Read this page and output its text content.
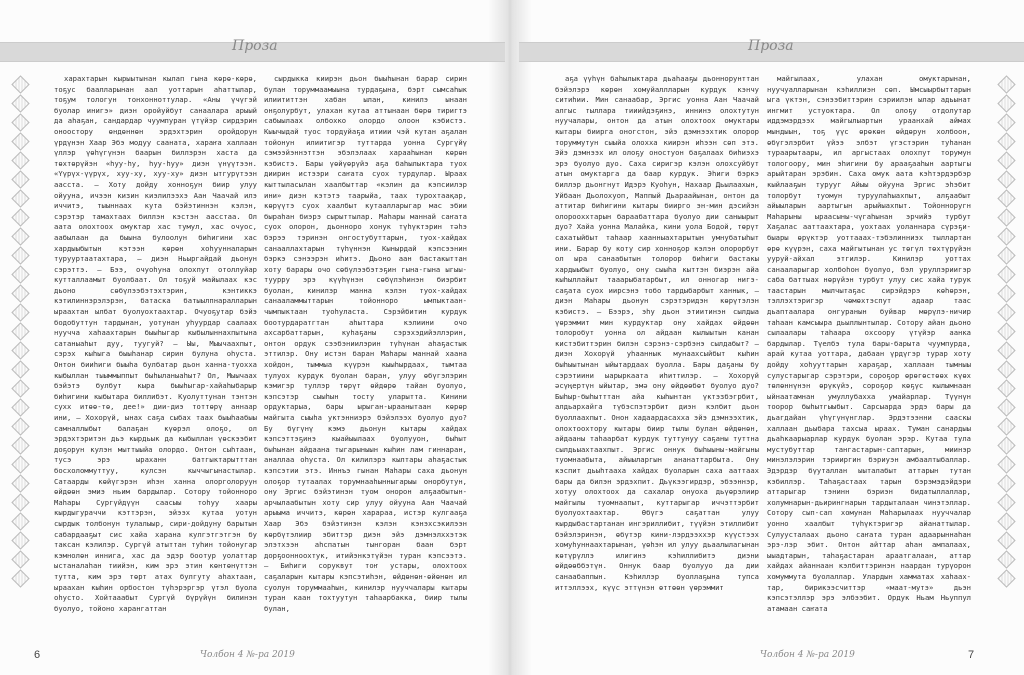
Проза	Проза

харахтарын кырыытынан кылап гына көрө-көрө, тоҕус баалларынан аал уоттарын аһаттылар, тоҕум тологун тонхонноттулар. «Аны үчүгэй буолар инигэ» диэн оройуйбут санаалара арыый да аһаҕан, сандардар чуумпуран үтүйэр сирдэрин оноостору өндөннөн эрдэхтэрин оройдорун үрдүнэн Хаар Эбэ модуу сааната, хараҥа халлаан үллэр үөһүгүнэн баарын биллэрэн хаста да төхтөрүйэн «һуу-һу, һуу-һуу» диэн үнүүтээн. «Үүрүх-үүрүх, хуу-ху, хуу-ху» диэн ытгурүтээн аасста. — Хоту дойду хонноҕун биир улуу ойууна, ичээн кизин киэлилээхэ Аан Чаачай илэ иччитэ, тыыннаах кута бэйэтиннэн кэлэн, сэрэтэр тамахтаах биллэн кэстэн аасстаа. Ол аата олохтоох омуктар хас тумул, хас очуос, аабылаан да быына булоолун биһигини хас хардыыбытын кэтээн көрөн хоһуунналарын турууртаатахтара, — диэн Ньыргайдай дьонун сэрэттэ. — Бээ, очуоһуна олохпут отоллуйар кутталлаамыт буолбаат. Ол тоҕуй майылаах кэс дьоно сөбүлээбэтэхтэрин, кэнтиккэ кэтилиннэрэлэрэн, батаска батыылпнаралларын ыраахтан ылбат буолуохтаахтар. Очуоҕутар бэйэ бодобуттун тардынан, уотунан уһуурдар саалаах нуучча хаһаахтарын быыһыгар кыбылыннахпытына сатаныаһыт дуу, туугуй? — Ыы, Мыычаахпыт, сэрэх кыһыга быыһанар сирин булуна оһуста. Онтон бииһиги быыһа булбатар дьон ханна-туохха кыбыллан тыыммыппыт быһыланыаһыт? Ол, Мыычаах бэйэтэ булбут кыра быыһыгар-хайаһыбарыр биһигини кыбытара биллибэт. Куолуттунан тэнтэн сухх итөө-тө, дее!» дии-диэ тоттөрү аннаар ини, — Хохорүй, ынах саҕа сыбах таах быыһаабыы самналлыбыт балаҕан күөрэл олоҕо, ол эрдэхтэритэн дьэ кырдьык да кыбыллан үөскээбит доҕорун кулэн мыттыыйа олордо. Онтон сыһтаан, тусэ эрэ ыраханн батгыктарытттан босхоломмуттуу, кулсэн кыччыгынастылар. Сатаарды көйүгэрэн иһэн ханна олорголоруун өйдөөн эмиэ ньим бардылар. Сотору тойонноро Маһары Сургүйдүүн саасыы тоһуу хаары кырдыгураччи кэттэрэн, эйээх кутаа уотун сырдык толбонун тулалыыр, сири-дойдуну барытын сабардааҕыт сис хайа харана кулгэтгэтгэн бу таксан кэлилэр. Сургүй атыттан туһин тойонугар кэмнолөн иннига, хас да эдэр боотур уолаттар ыстаналаһан тиийэн, ким эрэ этин көнтөнүттэн тутта, ким эрэ төрт атах булгуту аһахтаан, ыраахан кыһин орбостон түһэрэргэр үтэл буола оһусто. Хойтааабыт Сургүй бүрүйүн билинэн буолуо, тойоно харангаттан

сырдыкка киирэн дьон быыһынан барар сирин булан торуммаамыына турдаҕына, бэрт сымсаһык илиититтэн хабан ылан, кинилэ ынаан онҕолурбут, улахан кутаа аттынаан бөрө тиригтэ сабыылаах олбохко олордо олоон кэбистэ. Кыычыдай туос тордуйаҕа итиии чэй кутан аҕалан тойонун илиитигэр туттарда уонна Сургүйү сэмээйэннэттэн эбэлэлаах харааһынан көрөн кэбистэ. Бары үөйүөрүйэ аҕа баһылыктара туох диирин истээри саҥата суох турдулар. Ыраах кыттыласылан хаалбыттар «кэлин да кэпсиилэр ини» диэн кэтэтэ таарыйа, таах турохтаақар, көрүүтэ суох хаалбыт кутаалларыгар мас эбии быраһан биэрэ сырыттылар. Маһары маннай саҥата суох олорон, дьонноро хонук түһүктэрин тәһэ бэрээ тэринэн онгостубуттарын, туох-хайдах санааллахтарын түһүннэн Кынырдай кэпсээнин бэркэ сэнээрэн иһитэ. Дьоно аан бастакыттан хоту барары очо сөбүлээбэтэҕин гына-гына ыгыы-туурру эрэ күүһүнэн сөбүлэһинэн биэрбит буолан, кинилэр манна кэлэн туох-хайдах санааламмыттарын тойонноро ымпыктаан-чымпыктаан туоһуласта. Сэрэйбитин курдук боотурдаратгтан аһыттара кэлиини очо ахсарбаттарын, куһаҕаны сэрэхэдийэллэрин, онтон ордук сээбэниилэрин түһүнан аһаҕастык эттилэр. Ону истэн баран Маһары маннай хаана хойдон, тыммыа күүрэн кыыһырдаах, тымтаа тулуох курдук буолан баран, улуу өбүгэлэрин кэмигэр туллэр төрүт өйдөрө тайан буолуо, кэпсэтэр сыыһын тосту уларытта. Кинини ордуктарыа, бары ырыган-ыраанытаан көрөр майгыта сыыһа уктэнниэрэ бэйэлээх буолуо дуо? Бу бүгүнү кэмэ дьонун кытары хайдах кэпсэттэҕинэ кыайыылаах буолууон, быһыт быһынан айдаана тыгарыныын кыһин лам гиннаран, аналлаа оһуста. Ол килилэрэ кылтары аһаҕастык кэпсэтии этэ. Иннъэ гынан Маһары саха дьонун олоҕор тутаалах торумнааһынныгарыы онорбутун, ону Эргис бэйэтинэн туом онорон алҕаабытын-арчылаабытын хоту сир улуу ойууна Аан Чаачай арыыма иччитэ, көрөн харараа, истэр кулгааҕа Хаар Эбэ бэйэтинэн кэлэн кэнэхсэкилээн көрбүтэлиир эбиттэр диэн эйэ дэмнэлххэтэк элэтхээн аһспатын тынгоран баан бэрт дорҕоонноохтук, итийэнкэтүйэн туран кэпсээтэ. — Биһиги соруквут тоҥ устары, олохтоох саҕаларын кытары кэпсэтиһэн, өйдөнөн-өйөнөн ил суолун торуммааһын, кинилэр нууччалары кытары туран каан тохтуутун таһаарбакка, биир тылы булан,

аҕа үүһүн баһылыктара дьаһааҕы дьоннорунттан бэйэлэрэ көрөн хомуйаллларын курдук кэнчу ситиһии. Мин санаабар, Эргис уонна Аан Чаачай алгыс тыллара тииийдэҕинэ, иннинэ олохтутун нуучалары, онтон да атын олохтоох омуктары кытары биирга оногстон, эйэ дэмнээхтик олорор торуммутун сыыйа олохха киирэн иһээн сөп этэ. Эйэ дэмнээх ил олоҕу оностуон баҕалаах биһиэхэ эрэ буолуо дуо. Саха сиригэр кэлэн олохсуйбут атын омуктарга да баар курдук. Эһиги бэркэ биллэр дьонгнут Идэрэ Куоһун, Нахаар Дьылаахын, Уйбаан Дьолохуоп, Маппый Дьараайынан, онтон да аттитар биһигини кытары биирго эн-мин дэсийэн олорооххтарын бараабаттара буолуо дии саныырыт дуо? Хайа уонна Малайка, кини уола Бодой, төрүт сахатыйбыт таһаар хаанныахтарытын умнубатыһыт ини. Барар бу коту сир хонноҕор кэлэн олорорбут ол ыра санаабытын толорор биһиги бастакы хардыыбыт буолуо, ону сыыһа кыттэн биэрэн айа кыһыллайыт тааарыбатарбыт, ил онногар нигэ-саҕата суох иирсэнэ тобо тардыбарбыт ханнык, – диэн Маһары дьонун сэрэтэридэн көрүтэлэн кэбистэ. — Бээрэ, эһу дьон этиитинэн сылдыа үөрэммит мин курдуктар ону хайдах өйдөөн толоробут уонна ол айдаан кылыытын канан кистэбиттэрин билэн сэрэнэ-сэрбэнэ сылдабыт? – диэн Хохорүй уһааннык мунаахсыйбыт кыһин быһыытынан ыйытардаах буолла. Бары даҕаны бу сэрэтиини ыарыркаата иһиттилэр. — Хохорүй әсүңертүн ыйытар, эмә ону өйдөөбөт буолуо дуо? Быһыр-быһытттан айа кыһынтан үктэзбэгрбит, алдьархайга түбэспэтэрбит диэн кэлбит дьон буоллаахпыт. Онон хадаардасахха эйэ дэмнээхтик, олохтоохтору кытары биир тылы булан өйдөнөн, айдааны таһаарбат курдук туттунуу саҕаны туттна сылдьыахтаахпыт. Эргис оннук быһыыны-майгыны туомнаабыта, айыыларгын ананаттарбыта. Ону кэспит дьыһтааха хайдах буоларын саха ааттаах бары да билэн эрдэхпит. Дьүкээгирдэр, эбээннэр, хотуу олохтоох да сахалар онуоха дьүөрэлиир майгылы туомнаапыт, куттарыгар иччэттэрбит буолуохтаахтар. Өбүгэ саҕаттан улуу кырдыбастартанан ингэриллибит, түүйэн этиллибит бэйэлэринэн, өбүтэр кини-лэрдээххэр күүстээх хомуһуннаахтарынан, үөһэн ил улуу дьаалылагынан көтүрүллэ илигинэ кэһиллибитэ диэни өйдөөббэтүн. Оннук баар буолууо да дии санаабаппын. Кэһиллэр буоллаҕына тупса иттэллээх, күүс эттүнэн өттөөн үөрэммит

майгылаах, улахан омуктарынан, нуучуалларынан кэһиллиэн сөп. Ымсыырбыттарын ыга үктэн, сэнээбиттэрин сэриилэн ылар адьынат ингмит устуоктара. Ол олоҕу отдолутар иддэмэрдээх майгылыартын ураанхай аймах мындыын, тоҕ үүс өрөкөн өйдөрун холбоон, өбүгэлэрбит үйээ элбэт үгэстэрин туһанан тураарытаары, ил аргыстаах олохпут торумун тологоору, мин эһигини бу арааҕааһын аартыгы арыйтаран эрэбин. Саха омук аата кэһтэрдэрбэр кыйлааҕын турууг Айыы ойууна Эргис эһэбит толорбут туомун туруулаһыахпыт, алҕаабыт айыыларын аартыгын арыйыахпыт. Тойонноругн Маһарыны ыраасыны-чүгаһынан эрчийэ турбут Хаҕалас ааттаахтара, уохтаах уоланнара сүрэҕи-быары өрүктэр уоттааах-тэбэлинниэх тыллартан өрө күүрэн, саха майгытынан ус төгүл төхтүрүйэн ууруй-айхал этгилэр. Кинилэр уоттах санааларыгар холбоһон буолуо, бэл уруллэриигэр саба баттыах нөрүйэн турбут улуу сис хайа турук таастарын мылчытаҕас сирэйдэрэ көһөрэн, тэллэхтэригэр чөмөхтэспут адаар таас дьаптаалара онгуранын буйвар мөрүлэ-ничир таһаан камсыыра дьыллынтылар. Сотору айан дьоно сылаалары таһаара охсоору үтүйэр аанка бардылар. Түелбэ тула бары-барыта чуумпурда, араӥ кутаа уоттара, дабаан үрдүгэр турар хоту дойду хоһууттарын хараҕар, халлаан тымныы сулустарыгар сэрэтэри, сороҕор өрөгөстөөх күөх төлөннүнэн өрүкүйэ, сороҕор көҕүс кылымнаан ыйнаатамнан умуллубахха умайарлар. Түүнүн тоорор быһытгыыбыт. Сарсыарда эрдэ бары да дьагдайан үһүгүнүнглар. Эрдэтээнни сааскы халлаан дьыбара тахсыа ыраах. Туман санардыы дьаһкаарыарлар курдук буолан эрэр. Кутаа тула мустубуттар тангастарын-саптарын, миинэр минэлэлэрин тэрииргин бэриуэн амбаалтыбаллар. Эдэрдэр бүуталлан ыыталабыт аттарын тутан кэбиллэр. Таһаҕастаах тарын бэрэмэдэйдэри аттарыгар тэнинн бэриэн бидатыллаллар, холумнарын-дьирингнарын тардыталаан чинэтэллар. Сотору сып-сап хомунан Маһарылаах нууччалар уонно хаалбыт түһүктэригэр айанаттылар. Сулуусталаах дьоно саҥата туран адаарыннаһан эрэ-лэр эбит. Онтон айттар аһан ампалаах, ыыадтарын, таһаҕастаран араатгалаан, аттар хайдах айаннаан кэлбиттэринэн наардан турүорон хомуммута буолаллар. Улардын хамматах хаһаах-тар, бирикээсчиттэр «маат-мутэ» дьэн кэпсэтэллэр эрэ элбээбит. Ордук Ньам Ньуппул атамаан саҥата

6	Чолбон 4 №-ра 2019	Чолбон 4 №-ра 2019	7
